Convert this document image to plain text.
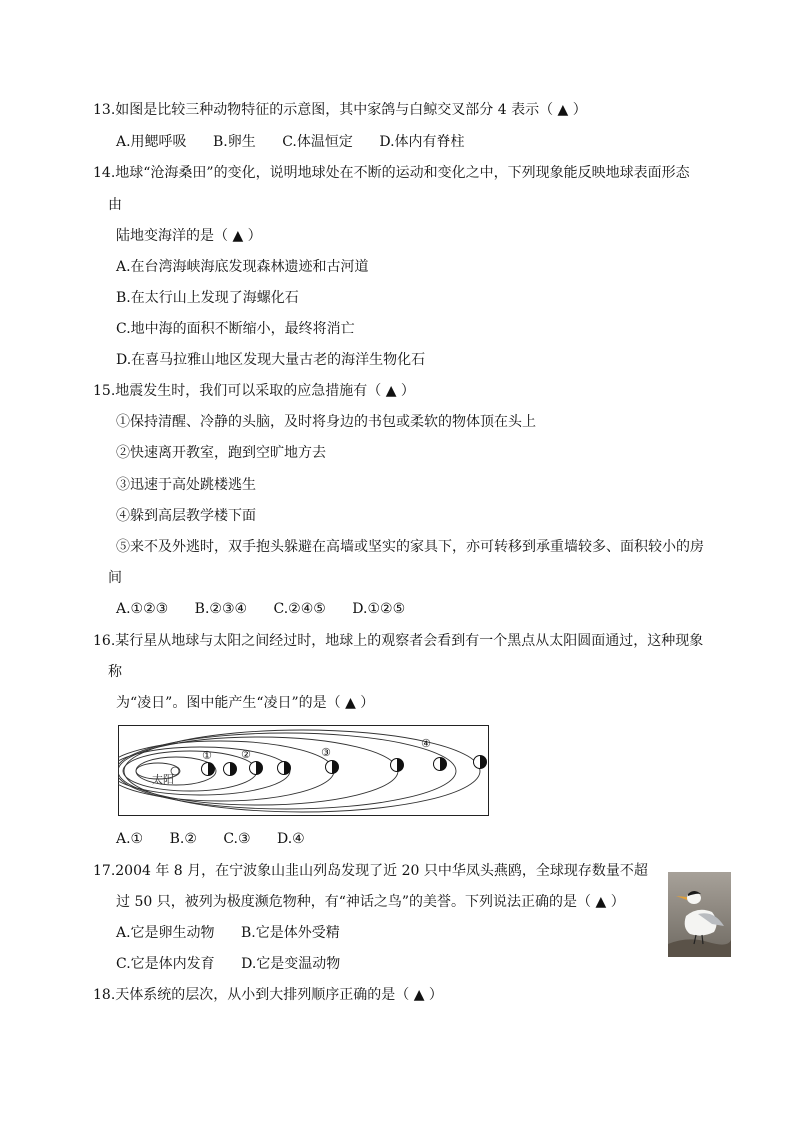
13.如图是比较三种动物特征的示意图，其中家鸽与白鲸交叉部分 4 表示（ ▲ ）
A.用鳃呼吸 B.卵生 C.体温恒定 D.体内有脊柱
14.地球“沧海桑田”的变化，说明地球处在不断的运动和变化之中，下列现象能反映地球表面形态
由
陆地变海洋的是（ ▲ ）
A.在台湾海峡海底发现森林遗迹和古河道
B.在太行山上发现了海螺化石
C.地中海的面积不断缩小，最终将消亡
D.在喜马拉雅山地区发现大量古老的海洋生物化石
15.地震发生时，我们可以采取的应急措施有（ ▲ ）
①保持清醒、冷静的头脑，及时将身边的书包或柔软的物体顶在头上
②快速离开教室，跑到空旷地方去
③迅速于高处跳楼逃生
④躲到高层教学楼下面
⑤来不及外逃时，双手抱头躲避在高墙或坚实的家具下，亦可转移到承重墙较多、面积较小的房
间
A.①②③ B.②③④ C.②④⑤ D.①②⑤
16.某行星从地球与太阳之间经过时，地球上的观察者会看到有一个黑点从太阳圆面通过，这种现象
称
为“凌日”。图中能产生“凌日”的是（ ▲ ）
太阳
①	②	③
④
A.① B.② C.③ D.④
17.2004 年 8 月，在宁波象山韭山列岛发现了近 20 只中华凤头燕鸥，全球现存数量不超
过 50 只，被列为极度濒危物种，有“神话之鸟”的美誉。下列说法正确的是（ ▲ ）
A.它是卵生动物 B.它是体外受精
C.它是体内发育 D.它是变温动物
18.天体系统的层次，从小到大排列顺序正确的是（ ▲ ）
